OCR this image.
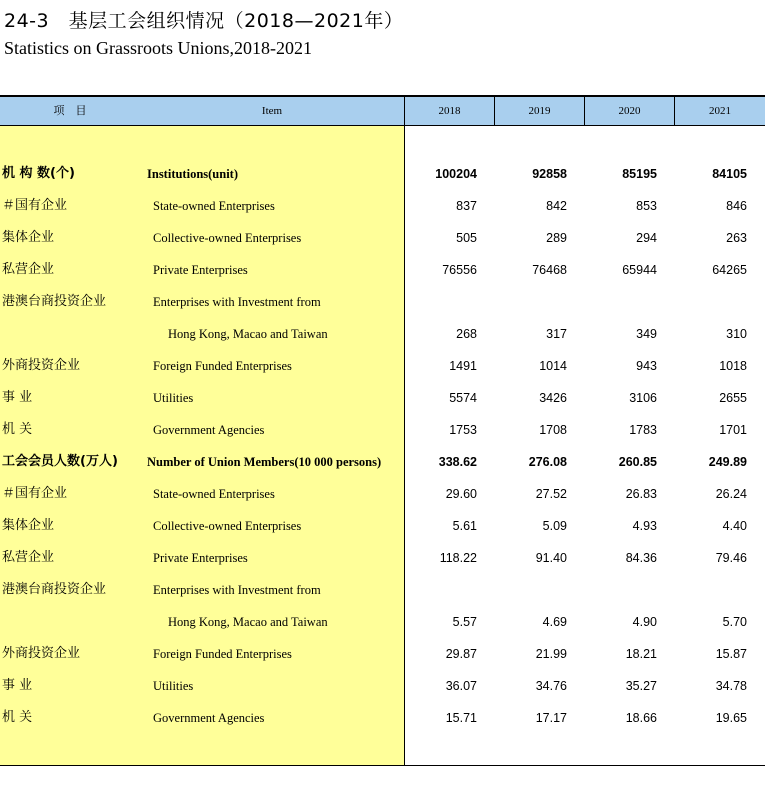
24-3　基层工会组织情况（2018—2021年）
Statistics on Grassroots Unions,2018-2021
项　目	Item	2018	2019	2020	2021
机 构 数(个)	Institutions(unit)	100204	92858	85195	84105
＃国有企业	State-owned Enterprises	837	842	853	846
集体企业	Collective-owned Enterprises	505	289	294	263
私营企业	Private Enterprises	76556	76468	65944	64265
港澳台商投资企业	Enterprises with Investment from
Hong Kong, Macao and Taiwan	268	317	349	310
外商投资企业	Foreign Funded Enterprises	1491	1014	943	1018
事 业	Utilities	5574	3426	3106	2655
机 关	Government Agencies	1753	1708	1783	1701
工会会员人数(万人) Number of Union Members(10 000 persons)	338.62	276.08	260.85	249.89
＃国有企业	State-owned Enterprises	29.60	27.52	26.83	26.24
集体企业	Collective-owned Enterprises	5.61	5.09	4.93	4.40
私营企业	Private Enterprises	118.22	91.40	84.36	79.46
港澳台商投资企业	Enterprises with Investment from
Hong Kong, Macao and Taiwan	5.57	4.69	4.90	5.70
外商投资企业	Foreign Funded Enterprises	29.87	21.99	18.21	15.87
事 业	Utilities	36.07	34.76	35.27	34.78
机 关	Government Agencies	15.71	17.17	18.66	19.65
